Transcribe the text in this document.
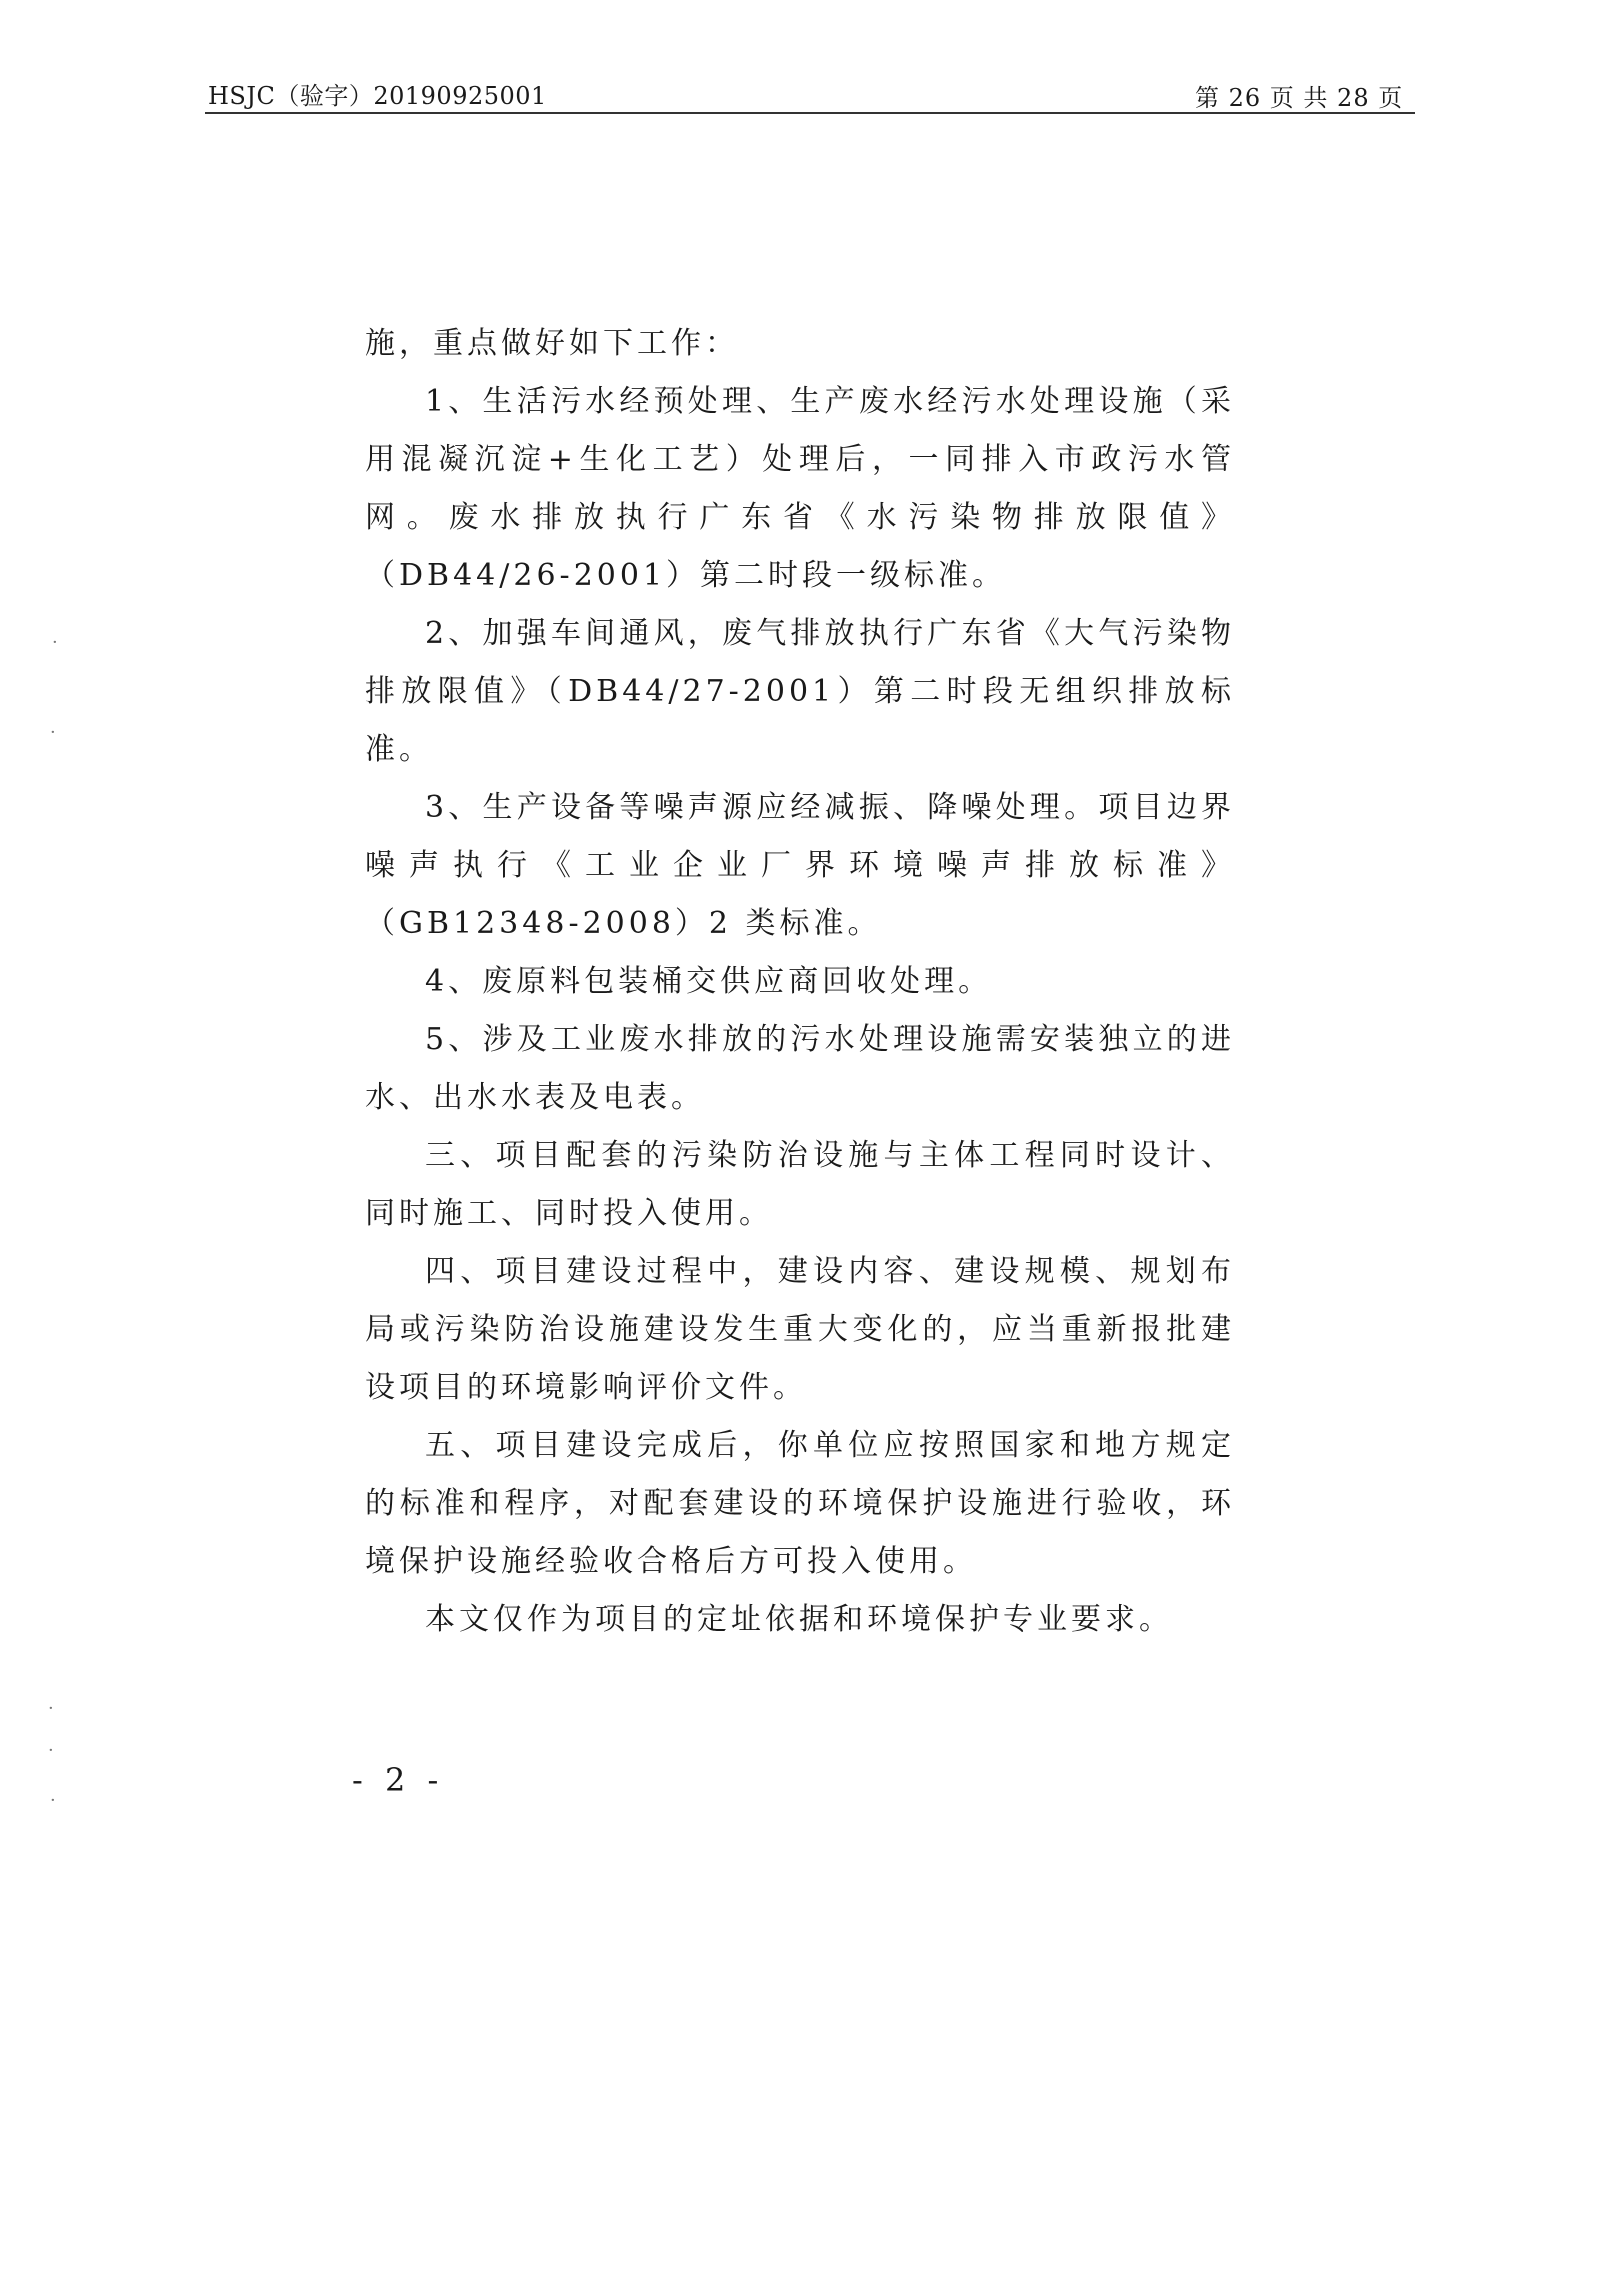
HSJC（验字）20190925001	第 26 页 共 28 页

施，重点做好如下工作：

1、生活污水经预处理、生产废水经污水处理设施（采用混凝沉淀+生化工艺）处理后，一同排入市政污水管网。废水排放执行广东省《水污染物排放限值》（DB44/26-2001）第二时段一级标准。

2、加强车间通风，废气排放执行广东省《大气污染物排放限值》（DB44/27-2001）第二时段无组织排放标准。

3、生产设备等噪声源应经减振、降噪处理。项目边界噪声执行《工业企业厂界环境噪声排放标准》（GB12348-2008）2 类标准。

4、废原料包装桶交供应商回收处理。

5、涉及工业废水排放的污水处理设施需安装独立的进水、出水水表及电表。

三、项目配套的污染防治设施与主体工程同时设计、同时施工、同时投入使用。

四、项目建设过程中，建设内容、建设规模、规划布局或污染防治设施建设发生重大变化的，应当重新报批建设项目的环境影响评价文件。

五、项目建设完成后，你单位应按照国家和地方规定的标准和程序，对配套建设的环境保护设施进行验收，环境保护设施经验收合格后方可投入使用。

本文仅作为项目的定址依据和环境保护专业要求。

- 2 -
·
·
·
·
·
